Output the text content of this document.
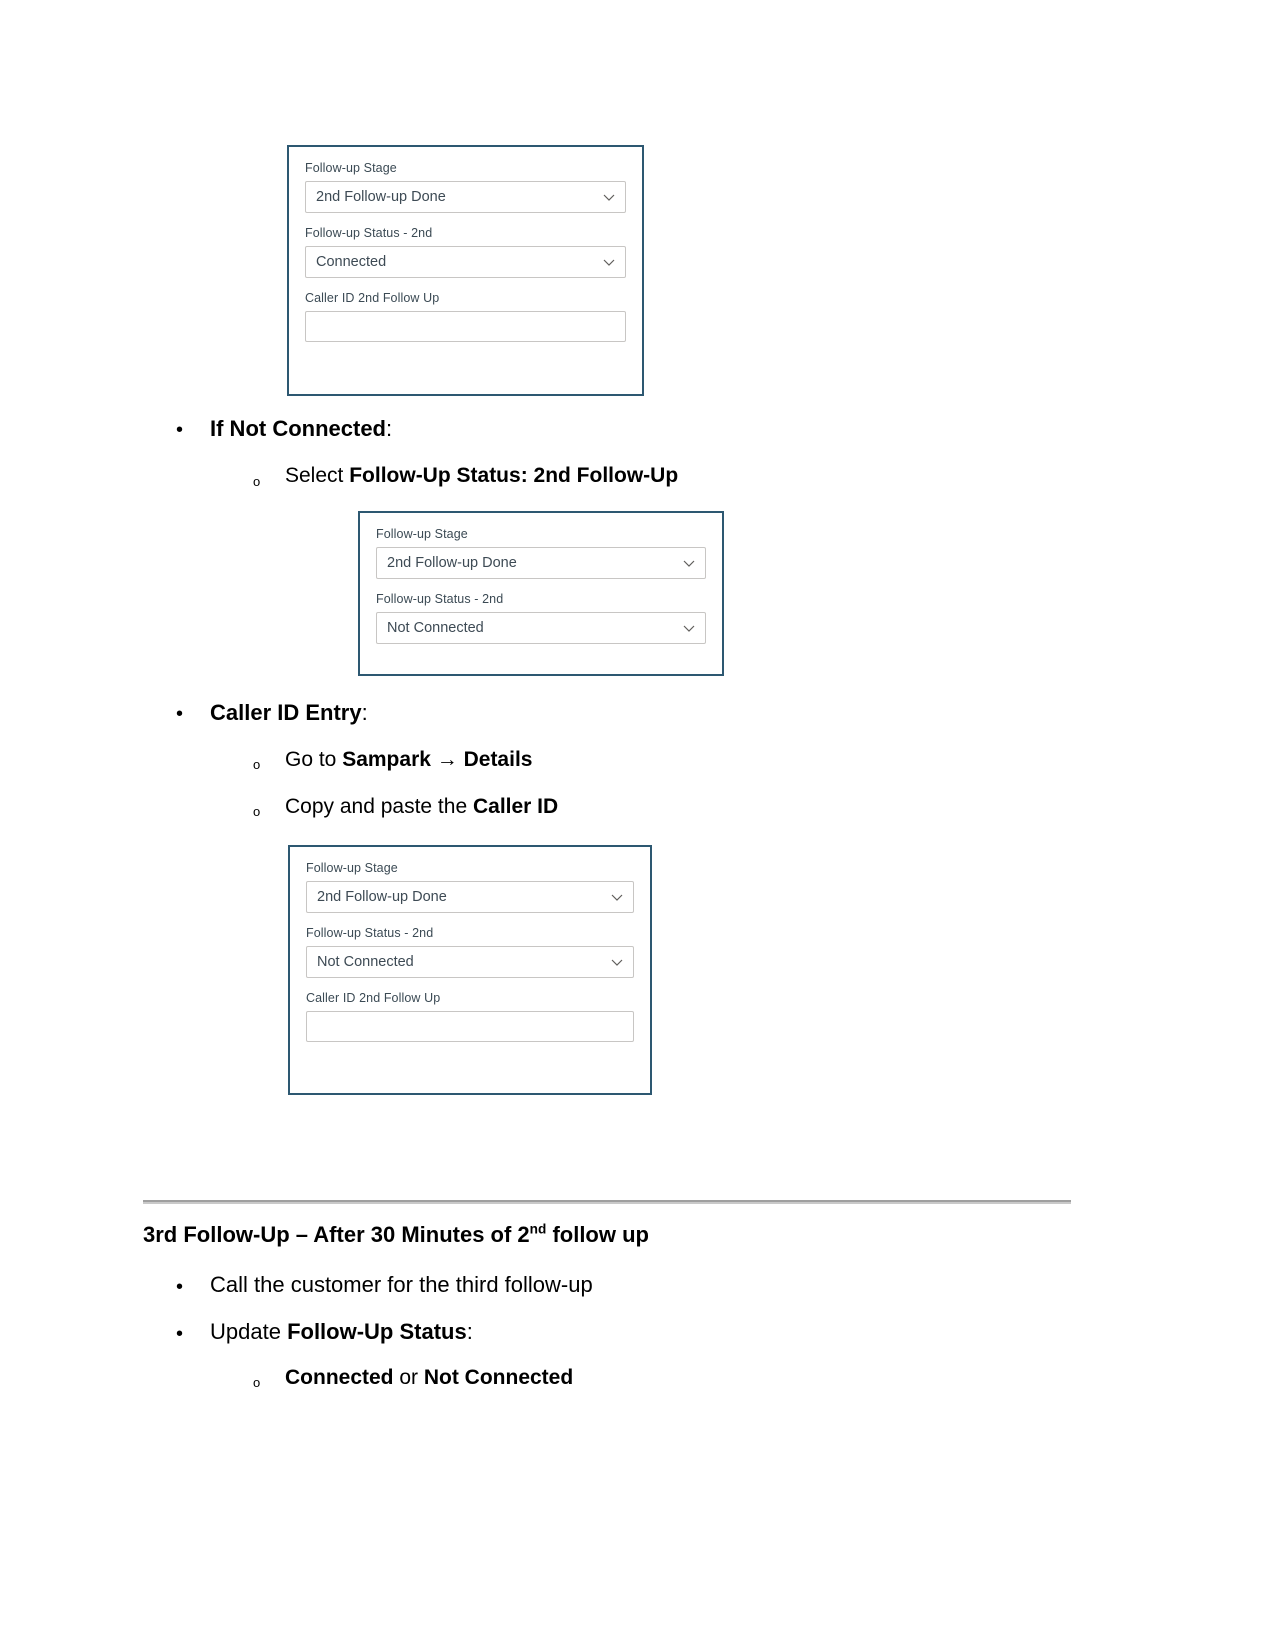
Follow-up Stage
2nd Follow-up Done
Follow-up Status - 2nd
Connected
Caller ID 2nd Follow Up
• If Not Connected:
o Select Follow-Up Status: 2nd Follow-Up
Follow-up Stage
2nd Follow-up Done
Follow-up Status - 2nd
Not Connected
• Caller ID Entry:
o Go to Sampark → Details
o Copy and paste the Caller ID
Follow-up Stage
2nd Follow-up Done
Follow-up Status - 2nd
Not Connected
Caller ID 2nd Follow Up
3rd Follow-Up – After 30 Minutes of 2nd follow up
• Call the customer for the third follow-up
• Update Follow-Up Status:
o Connected or Not Connected
